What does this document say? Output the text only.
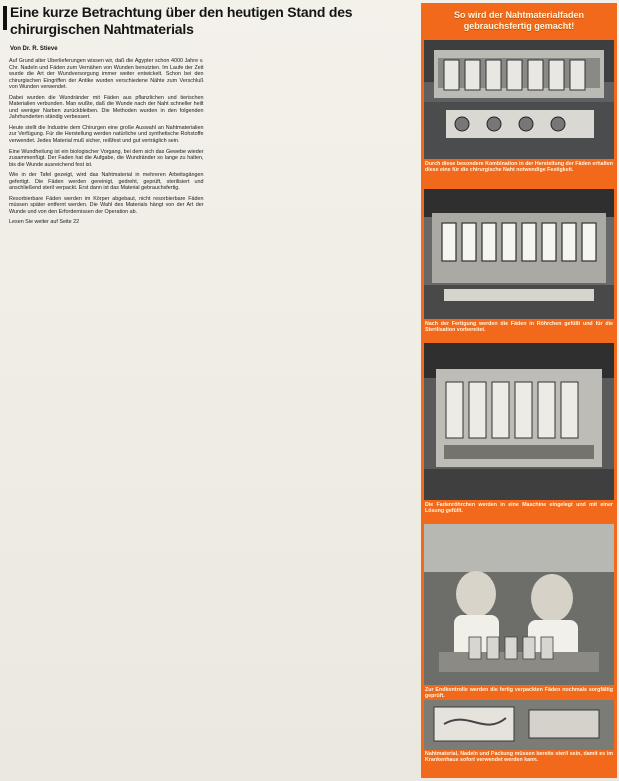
Eine kurze Betrachtung über den heutigen Stand des chirurgischen Nahtmaterials

Von Dr. R. Stieve

Auf Grund alter Überlieferungen wissen wir, daß die Ägypter schon 4000 Jahre v. Chr. Nadeln und Fäden zum Vernähen von Wunden benutzten. Im Laufe der Zeit wurde die Art der Wundversorgung immer weiter entwickelt. Schon bei den chirurgischen Eingriffen der Antike wurden verschiedene Nähte zum Verschluß von Wunden verwendet.

Dabei wurden die Wundränder mit Fäden aus pflanzlichen und tierischen Materialien verbunden. Man wußte, daß die Wunde nach der Naht schneller heilt und weniger Narben zurückbleiben. Die Methoden wurden in den folgenden Jahrhunderten ständig verbessert.

Heute stellt die Industrie dem Chirurgen eine große Auswahl an Nahtmaterialien zur Verfügung. Für die Herstellung werden natürliche und synthetische Rohstoffe verwendet. Jedes Material muß sicher, reißfest und gut verträglich sein.

Eine Wundheilung ist ein biologischer Vorgang, bei dem sich das Gewebe wieder zusammenfügt. Der Faden hat die Aufgabe, die Wundränder so lange zu halten, bis die Wunde ausreichend fest ist.

Wie in der Tafel gezeigt, wird das Nahtmaterial in mehreren Arbeitsgängen gefertigt. Die Fäden werden gereinigt, gedreht, geprüft, sterilisiert und anschließend steril verpackt. Erst dann ist das Material gebrauchsfertig.

Resorbierbare Fäden werden im Körper abgebaut, nicht resorbierbare Fäden müssen später entfernt werden. Die Wahl des Materials hängt von der Art der Wunde und von den Erfordernissen der Operation ab.

Lesen Sie weiter auf Seite 22

So wird der Nahtmaterialfaden gebrauchsfertig gemacht!

Durch diese besondere Kombination in der Herstellung der Fäden erhalten diese eine für die chirurgische Naht notwendige Festigkeit.

Nach der Fertigung werden die Fäden in Röhrchen gefüllt und für die Sterilisation vorbereitet.

Die Fadenröhrchen werden in eine Maschine eingelegt und mit einer Lösung gefüllt.

Zur Endkontrolle werden die fertig verpackten Fäden nochmals sorgfältig geprüft.

Nahtmaterial, Nadeln und Packung müssen bereits steril sein, damit es im Krankenhaus sofort verwendet werden kann.
